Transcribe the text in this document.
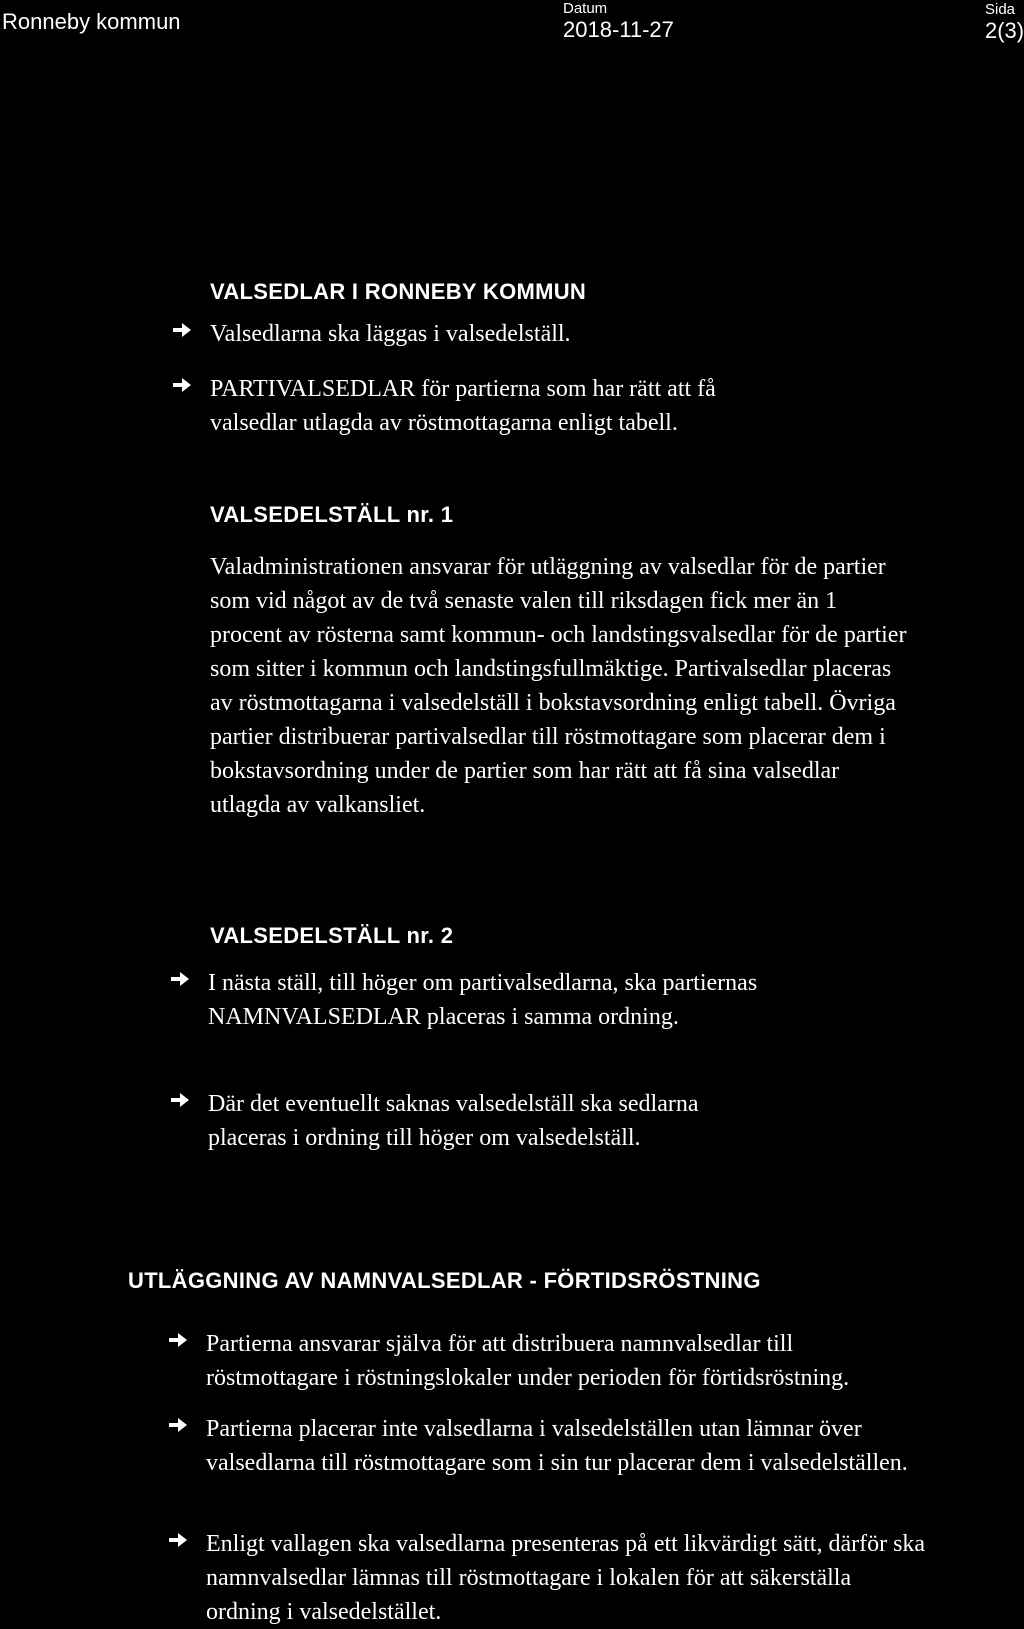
Ronneby kommun
Datum
2018-11-27
Sida
2(3)
VALSEDLAR I RONNEBY KOMMUN
Valsedlarna ska läggas i valsedelställ.
PARTIVALSEDLAR för partierna som har rätt att få valsedlar utlagda av röstmottagarna enligt tabell.
VALSEDELSTÄLL nr. 1
Valadministrationen ansvarar för utläggning av valsedlar för de partier som vid något av de två senaste valen till riksdagen fick mer än 1 procent av rösterna samt kommun- och landstingsvalsedlar för de partier som sitter i kommun och landstingsfullmäktige. Partivalsedlar placeras av röstmottagarna i valsedelställ i bokstavsordning enligt tabell. Övriga partier distribuerar partivalsedlar till röstmottagare som placerar dem i bokstavsordning under de partier som har rätt att få sina valsedlar utlagda av valkansliet.
VALSEDELSTÄLL nr. 2
I nästa ställ, till höger om partivalsedlarna, ska partiernas NAMNVALSEDLAR placeras i samma ordning.
Där det eventuellt saknas valsedelställ ska sedlarna placeras i ordning till höger om valsedelställ.
UTLÄGGNING AV NAMNVALSEDLAR - FÖRTIDSRÖSTNING
Partierna ansvarar själva för att distribuera namnvalsedlar till röstmottagare i röstningslokaler under perioden för förtidsröstning.
Partierna placerar inte valsedlarna i valsedelställen utan lämnar över valsedlarna till röstmottagare som i sin tur placerar dem i valsedelställen.
Enligt vallagen ska valsedlarna presenteras på ett likvärdigt sätt, därför ska namnvalsedlar lämnas till röstmottagare i lokalen för att säkerställa ordning i valsedelstället.
